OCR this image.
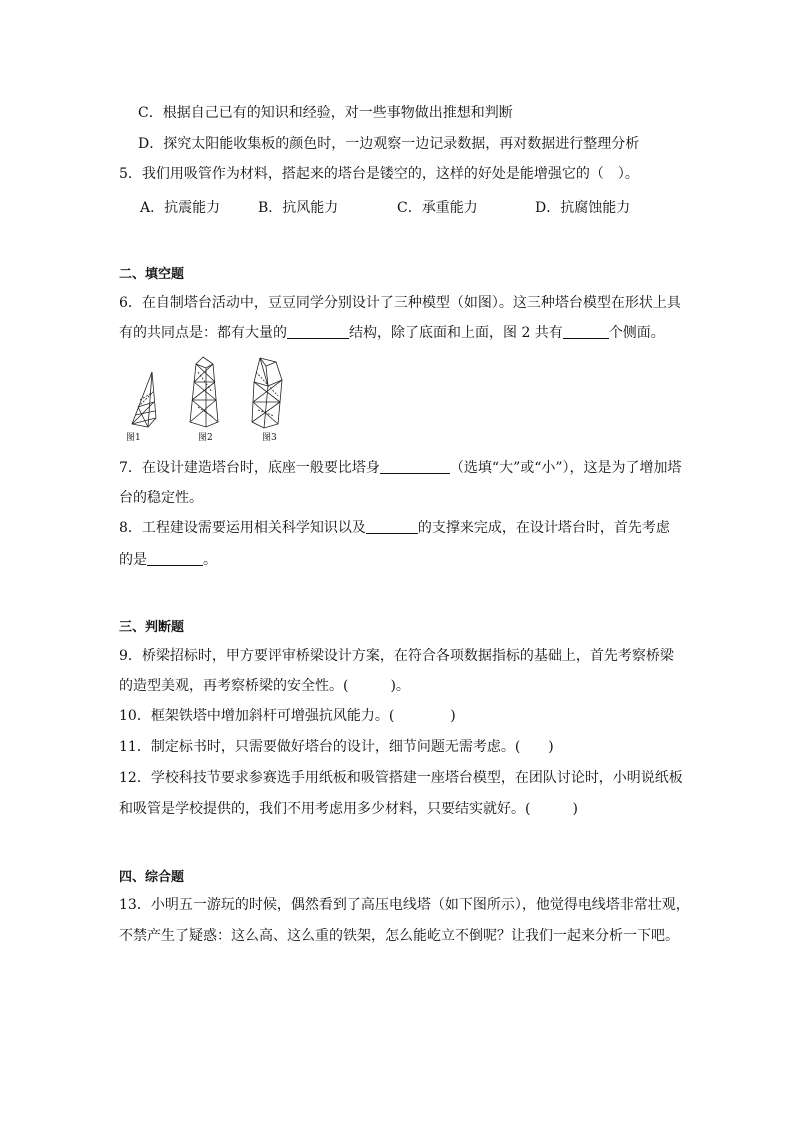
C．根据自己已有的知识和经验，对一些事物做出推想和判断
D．探究太阳能收集板的颜色时，一边观察一边记录数据，再对数据进行整理分析
5．我们用吸管作为材料，搭起来的塔台是镂空的，这样的好处是能增强它的（　）。
A．抗震能力	B．抗风能力	C．承重能力	D．抗腐蚀能力
二、填空题
6．在自制塔台活动中，豆豆同学分别设计了三种模型（如图）。这三种塔台模型在形状上具
有的共同点是：都有大量的	结构，除了底面和上面，图 2 共有	个侧面。
图1	图2	图3
7．在设计建造塔台时，底座一般要比塔身	（选填“大”或“小”），这是为了增加塔
台的稳定性。
8．工程建设需要运用相关科学知识以及	的支撑来完成，在设计塔台时，首先考虑
的是	。
三、判断题
9．桥梁招标时，甲方要评审桥梁设计方案，在符合各项数据指标的基础上，首先考察桥梁
的造型美观，再考察桥梁的安全性。(　　　)。
10．框架铁塔中增加斜杆可增强抗风能力。(　　　　)
11．制定标书时，只需要做好塔台的设计，细节问题无需考虑。(　　)
12．学校科技节要求参赛选手用纸板和吸管搭建一座塔台模型，在团队讨论时，小明说纸板
和吸管是学校提供的，我们不用考虑用多少材料，只要结实就好。(　　　)
四、综合题
13．小明五一游玩的时候，偶然看到了高压电线塔（如下图所示），他觉得电线塔非常壮观，
不禁产生了疑惑：这么高、这么重的铁架，怎么能屹立不倒呢？让我们一起来分析一下吧。
